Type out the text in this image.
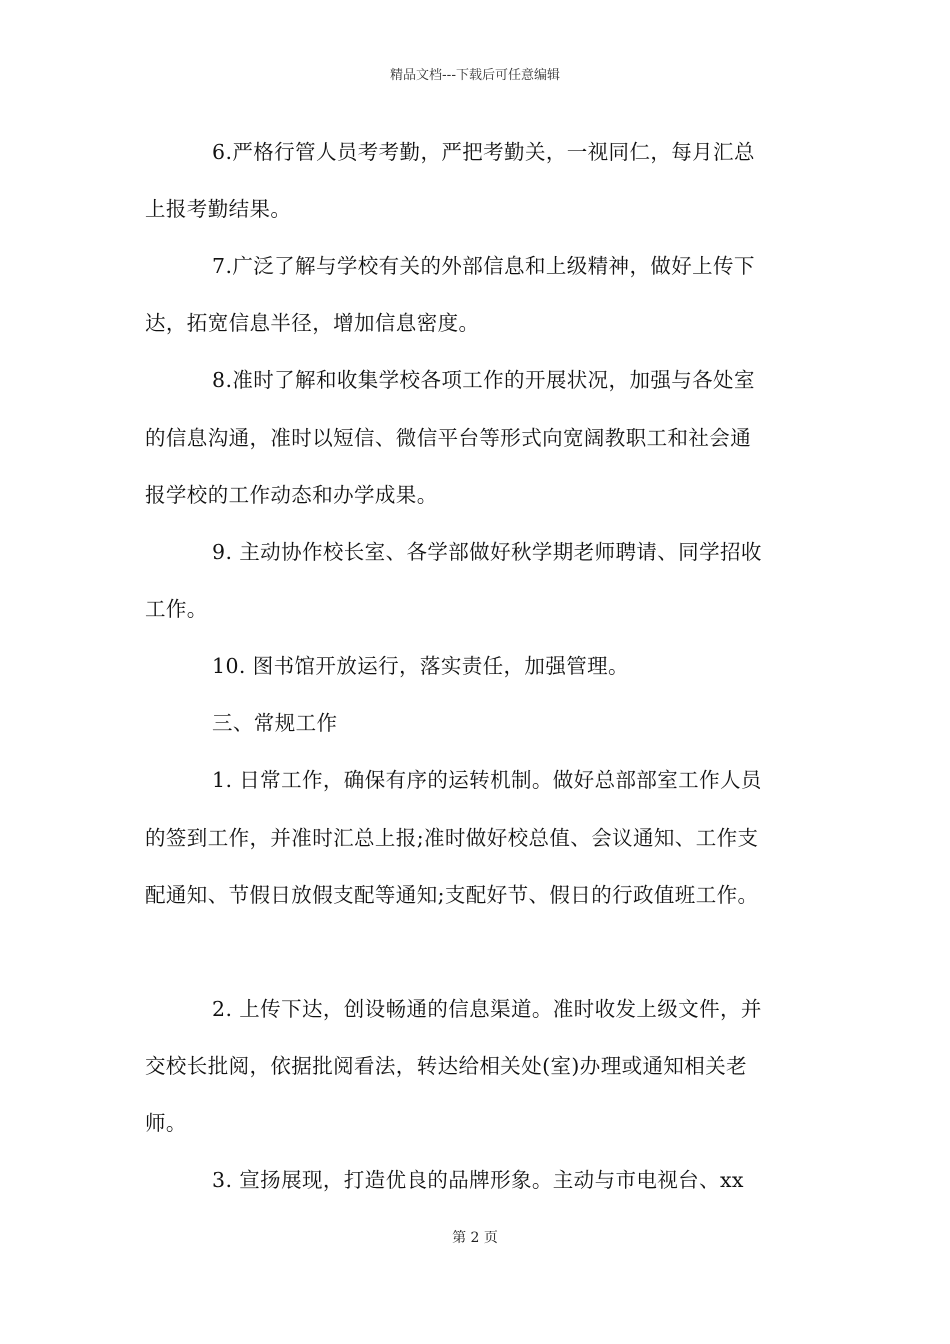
精品文档---下载后可任意编辑
6.严格行管人员考考勤，严把考勤关，一视同仁，每月汇总
上报考勤结果。
7.广泛了解与学校有关的外部信息和上级精神，做好上传下
达，拓宽信息半径，增加信息密度。
8.准时了解和收集学校各项工作的开展状况，加强与各处室
的信息沟通，准时以短信、微信平台等形式向宽阔教职工和社会通
报学校的工作动态和办学成果。
9. 主动协作校长室、各学部做好秋学期老师聘请、同学招收
工作。
10. 图书馆开放运行，落实责任，加强管理。
三、常规工作
1. 日常工作，确保有序的运转机制。做好总部部室工作人员
的签到工作，并准时汇总上报;准时做好校总值、会议通知、工作支
配通知、节假日放假支配等通知;支配好节、假日的行政值班工作。
2. 上传下达，创设畅通的信息渠道。准时收发上级文件，并
交校长批阅，依据批阅看法，转达给相关处(室)办理或通知相关老
师。
3. 宣扬展现，打造优良的品牌形象。主动与市电视台、xx
第 2 页
